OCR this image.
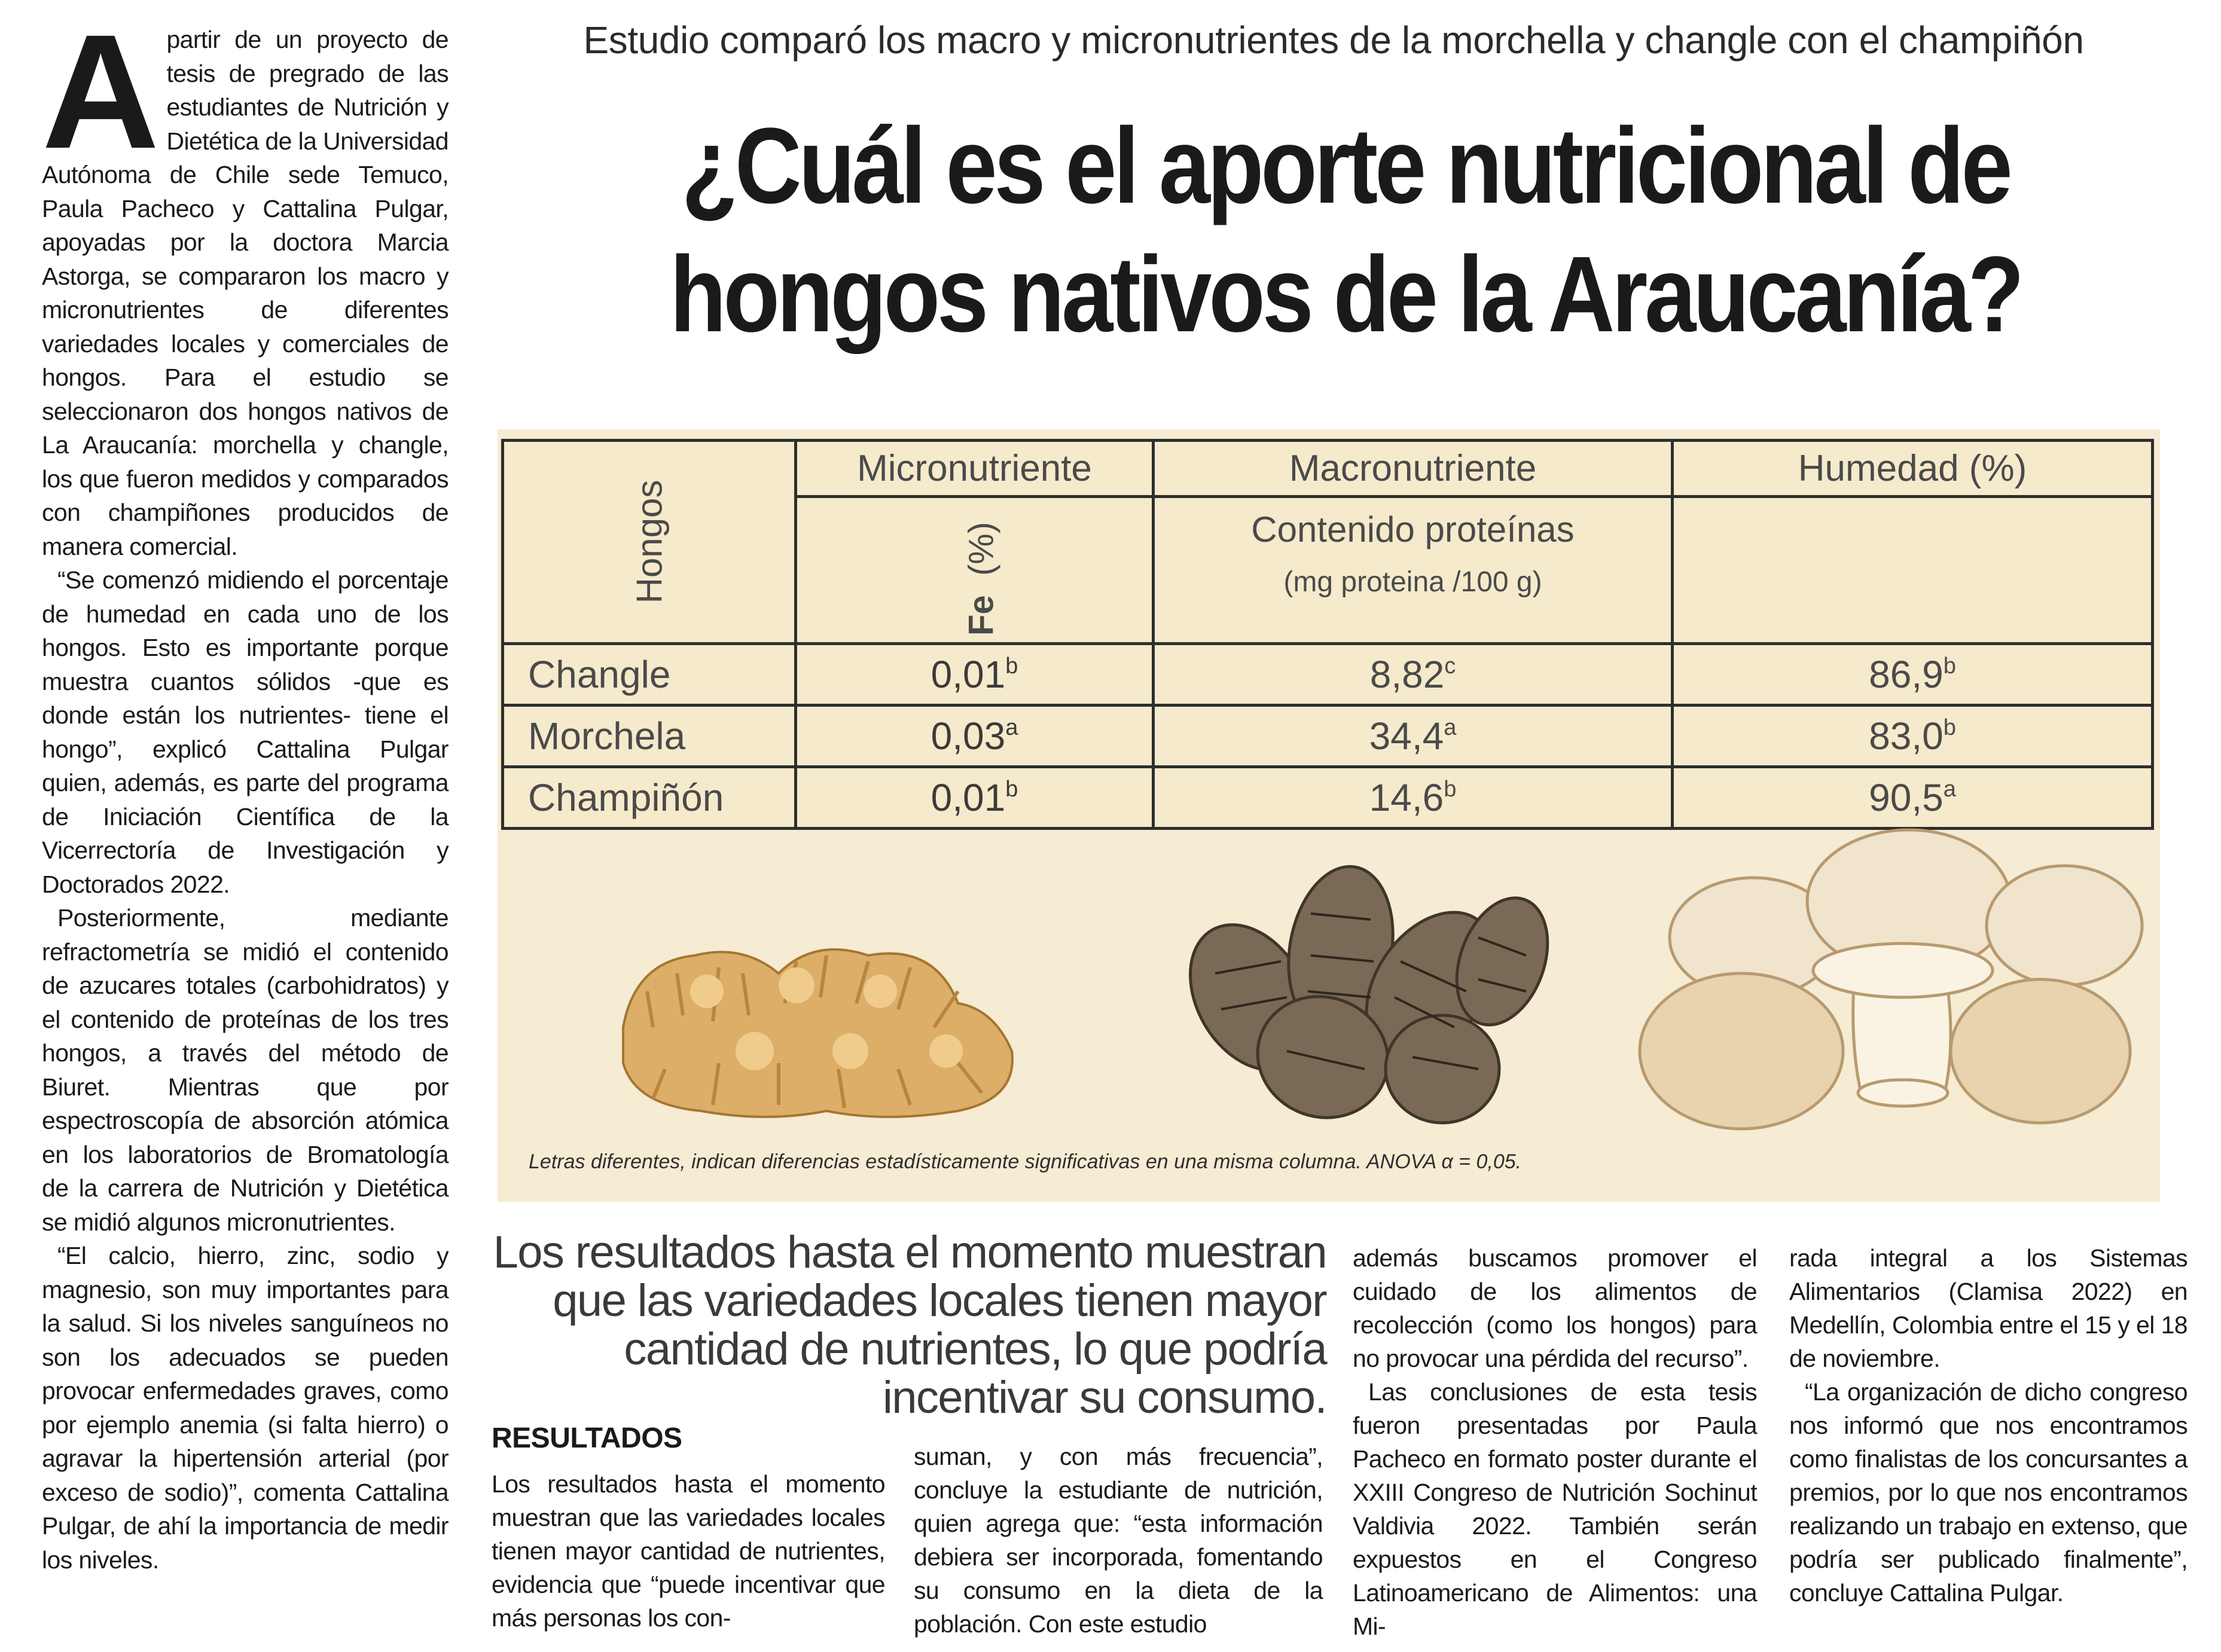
A partir de un proyecto de tesis de pregrado de las estudiantes de Nutrición y Dietética de la Universidad Autónoma de Chile sede Temuco, Paula Pacheco y Cattalina Pulgar, apoyadas por la doctora Marcia Astorga, se compararon los macro y micronutrientes de diferentes variedades locales y comerciales de hongos. Para el estudio se seleccionaron dos hongos nativos de La Araucanía: morchella y changle, los que fueron medidos y comparados con champiñones producidos de manera comercial.

“Se comenzó midiendo el porcentaje de humedad en cada uno de los hongos. Esto es importante porque muestra cuantos sólidos -que es donde están los nutrientes- tiene el hongo”, explicó Cattalina Pulgar quien, además, es parte del programa de Iniciación Científica de la Vicerrectoría de Investigación y Doctorados 2022.

Posteriormente, mediante refractometría se midió el contenido de azucares totales (carbohidratos) y el contenido de proteínas de los tres hongos, a través del método de Biuret. Mientras que por espectroscopía de absorción atómica en los laboratorios de Bromatología de la carrera de Nutrición y Dietética se midió algunos micronutrientes.

“El calcio, hierro, zinc, sodio y magnesio, son muy importantes para la salud. Si los niveles sanguíneos no son los adecuados se pueden provocar enfermedades graves, como por ejemplo anemia (si falta hierro) o agravar la hipertensión arterial (por exceso de sodio)”, comenta Cattalina Pulgar, de ahí la importancia de medir los niveles.

Estudio comparó los macro y micronutrientes de la morchella y changle con el champiñón
¿Cuál es el aporte nutricional de
hongos nativos de la Araucanía?
Hongos	Micronutriente	Macronutriente	Humedad (%)

	Fe  (%)	Contenido proteínas
(mg proteina /100 g)	

Changle	0,01$^b$	8,82$^c$	86,9$^b$
Morchela	0,03$^a$	34,4$^a$	83,0$^b$
Champiñón	0,01$^b$	14,6$^b$	90,5$^a$
Letras diferentes, indican diferencias estadísticamente significativas en una misma columna. ANOVA α = 0,05.
Los resultados hasta el momento muestran que las variedades locales tienen mayor cantidad de nutrientes, lo que podría incentivar su consumo.
RESULTADOS

Los resultados hasta el momento muestran que las variedades locales tienen mayor cantidad de nutrientes, evidencia que “puede incentivar que más personas los con-

suman, y con más frecuencia”, concluye la estudiante de nutrición, quien agrega que: “esta información debiera ser incorporada, fomentando su consumo en la dieta de la población. Con este estudio

además buscamos promover el cuidado de los alimentos de recolección (como los hongos) para no provocar una pérdida del recurso”.

Las conclusiones de esta tesis fueron presentadas por Paula Pacheco en formato poster durante el XXIII Congreso de Nutrición Sochinut Valdivia 2022. También serán expuestos en el Congreso Latinoamericano de Alimentos: una Mi-

rada integral a los Sistemas Alimentarios (Clamisa 2022) en Medellín, Colombia entre el 15 y el 18 de noviembre.

“La organización de dicho congreso nos informó que nos encontramos como finalistas de los concursantes a premios, por lo que nos encontramos realizando un trabajo en extenso, que podría ser publicado finalmente”, concluye Cattalina Pulgar.
